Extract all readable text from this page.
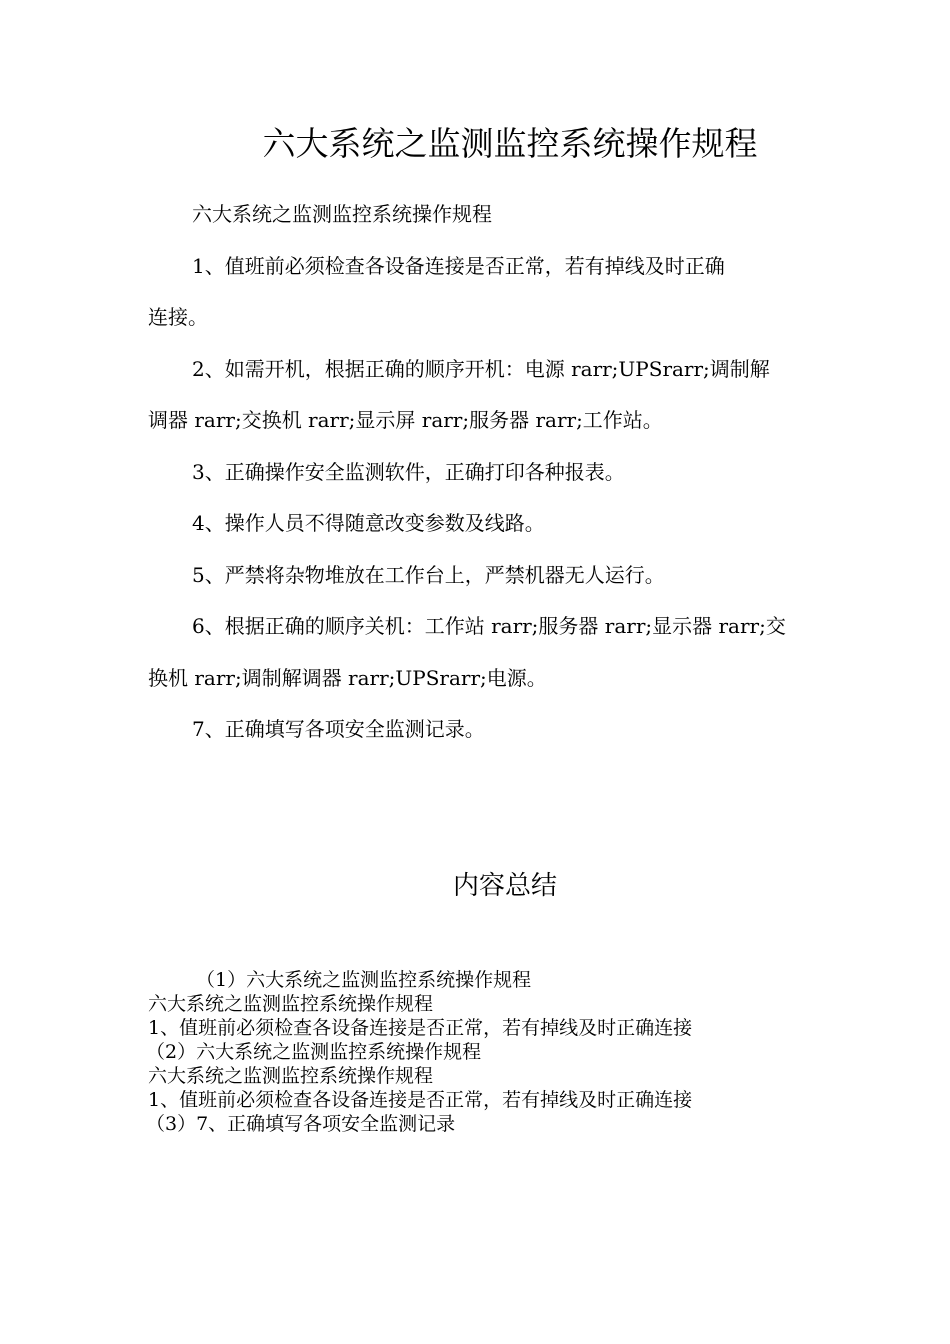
六大系统之监测监控系统操作规程
六大系统之监测监控系统操作规程
1、值班前必须检查各设备连接是否正常，若有掉线及时正确
连接。
2、如需开机，根据正确的顺序开机：电源 rarr;UPSrarr;调制解
调器 rarr;交换机 rarr;显示屏 rarr;服务器 rarr;工作站。
3、正确操作安全监测软件，正确打印各种报表。
4、操作人员不得随意改变参数及线路。
5、严禁将杂物堆放在工作台上，严禁机器无人运行。
6、根据正确的顺序关机：工作站 rarr;服务器 rarr;显示器 rarr;交
换机 rarr;调制解调器 rarr;UPSrarr;电源。
7、正确填写各项安全监测记录。
内容总结
（1）六大系统之监测监控系统操作规程
六大系统之监测监控系统操作规程
1、值班前必须检查各设备连接是否正常，若有掉线及时正确连接
（2）六大系统之监测监控系统操作规程
六大系统之监测监控系统操作规程
1、值班前必须检查各设备连接是否正常，若有掉线及时正确连接
（3）7、正确填写各项安全监测记录
